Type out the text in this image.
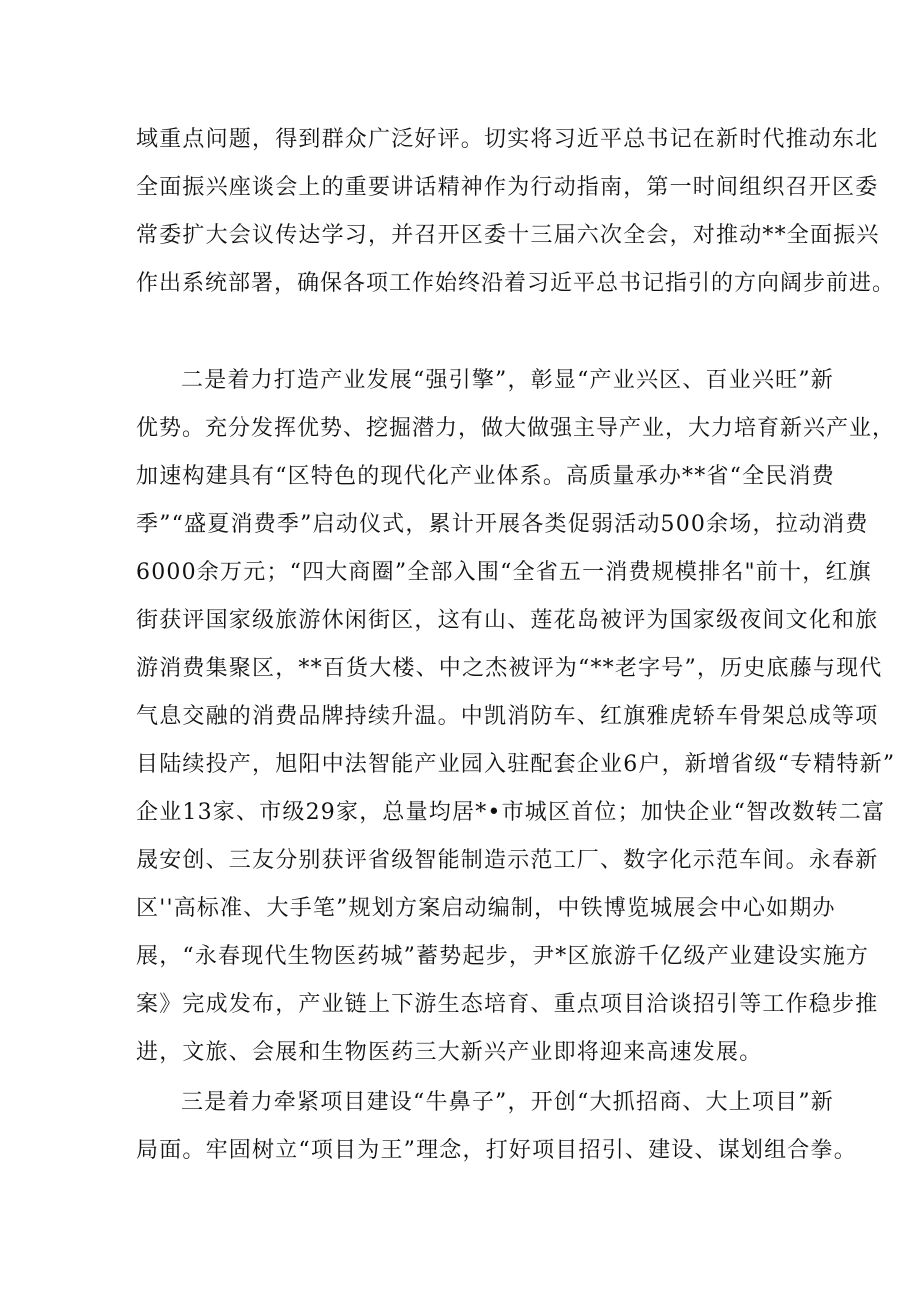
域重点问题，得到群众广泛好评。切实将习近平总书记在新时代推动东北
全面振兴座谈会上的重要讲话精神作为行动指南，第一时间组织召开区委
常委扩大会议传达学习，并召开区委十三届六次全会，对推动**全面振兴
作出系统部署，确保各项工作始终沿着习近平总书记指引的方向阔步前进。
二是着力打造产业发展“强引擎”，彰显“产业兴区、百业兴旺”新
优势。充分发挥优势、挖掘潜力，做大做强主导产业，大力培育新兴产业，
加速构建具有“区特色的现代化产业体系。高质量承办**省“全民消费
季”“盛夏消费季”启动仪式，累计开展各类促弱活动500余场，拉动消费
6000余万元；“四大商圈”全部入围“全省五一消费规模排名"前十，红旗
街获评国家级旅游休闲街区，这有山、莲花岛被评为国家级夜间文化和旅
游消费集聚区，**百货大楼、中之杰被评为“**老字号”，历史底藤与现代
气息交融的消费品牌持续升温。中凯消防车、红旗雅虎轿车骨架总成等项
目陆续投产，旭阳中法智能产业园入驻配套企业6户，新增省级“专精特新”
企业13家、市级29家，总量均居*•市城区首位；加快企业“智改数转二富
晟安创、三友分别获评省级智能制造示范工厂、数字化示范车间。永春新
区''高标准、大手笔”规划方案启动编制，中铁博览城展会中心如期办
展，“永春现代生物医药城”蓄势起步，尹*区旅游千亿级产业建设实施方
案》完成发布，产业链上下游生态培育、重点项目洽谈招引等工作稳步推
进，文旅、会展和生物医药三大新兴产业即将迎来高速发展。
三是着力牵紧项目建设“牛鼻子”，开创“大抓招商、大上项目”新
局面。牢固树立“项目为王”理念，打好项目招引、建设、谋划组合拳。
